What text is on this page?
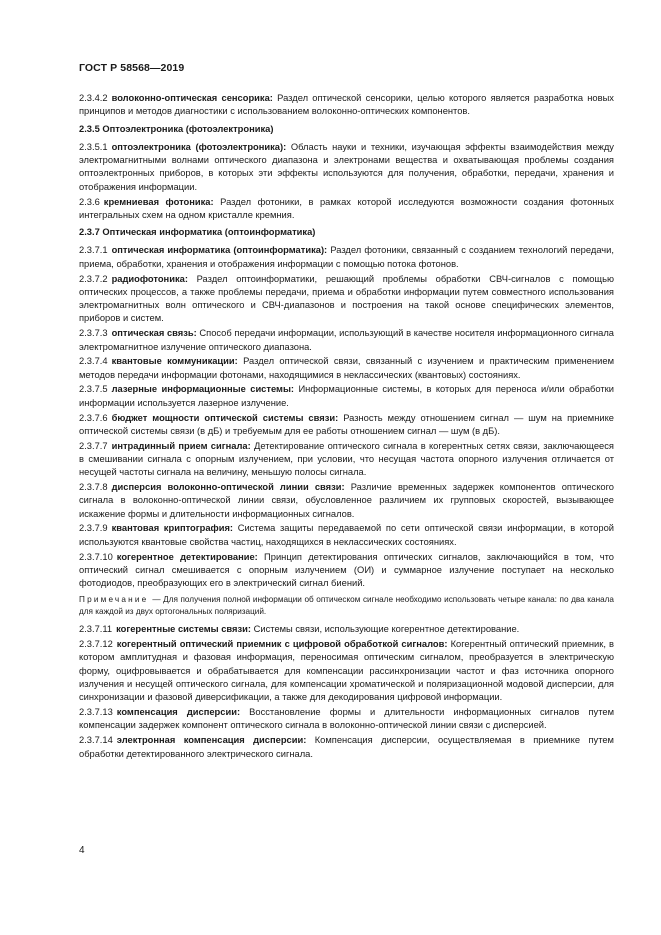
ГОСТ Р 58568—2019
2.3.4.2 волоконно-оптическая сенсорика: Раздел оптической сенсорики, целью которого является разработка новых принципов и методов диагностики с использованием волоконно-оптических компонентов.
2.3.5 Оптоэлектроника (фотоэлектроника)
2.3.5.1 оптоэлектроника (фотоэлектроника): Область науки и техники, изучающая эффекты взаимодействия между электромагнитными волнами оптического диапазона и электронами вещества и охватывающая проблемы создания оптоэлектронных приборов, в которых эти эффекты используются для получения, обработки, передачи, хранения и отображения информации.
2.3.6 кремниевая фотоника: Раздел фотоники, в рамках которой исследуются возможности создания фотонных интегральных схем на одном кристалле кремния.
2.3.7 Оптическая информатика (оптоинформатика)
2.3.7.1 оптическая информатика (оптоинформатика): Раздел фотоники, связанный с созданием технологий передачи, приема, обработки, хранения и отображения информации с помощью потока фотонов.
2.3.7.2 радиофотоника: Раздел оптоинформатики, решающий проблемы обработки СВЧ-сигналов с помощью оптических процессов, а также проблемы передачи, приема и обработки информации путем совместного использования электромагнитных волн оптического и СВЧ-диапазонов и построения на такой основе специфических элементов, приборов и систем.
2.3.7.3 оптическая связь: Способ передачи информации, использующий в качестве носителя информационного сигнала электромагнитное излучение оптического диапазона.
2.3.7.4 квантовые коммуникации: Раздел оптической связи, связанный с изучением и практическим применением методов передачи информации фотонами, находящимися в неклассических (квантовых) состояниях.
2.3.7.5 лазерные информационные системы: Информационные системы, в которых для переноса и/или обработки информации используется лазерное излучение.
2.3.7.6 бюджет мощности оптической системы связи: Разность между отношением сигнал — шум на приемнике оптической системы связи (в дБ) и требуемым для ее работы отношением сигнал — шум (в дБ).
2.3.7.7 интрадинный прием сигнала: Детектирование оптического сигнала в когерентных сетях связи, заключающееся в смешивании сигнала с опорным излучением, при условии, что несущая частота опорного излучения отличается от несущей частоты сигнала на величину, меньшую полосы сигнала.
2.3.7.8 дисперсия волоконно-оптической линии связи: Различие временных задержек компонентов оптического сигнала в волоконно-оптической линии связи, обусловленное различием их групповых скоростей, вызывающее искажение формы и длительности информационных сигналов.
2.3.7.9 квантовая криптография: Система защиты передаваемой по сети оптической связи информации, в которой используются квантовые свойства частиц, находящихся в неклассических состояниях.
2.3.7.10 когерентное детектирование: Принцип детектирования оптических сигналов, заключающийся в том, что оптический сигнал смешивается с опорным излучением (ОИ) и суммарное излучение поступает на несколько фотодиодов, преобразующих его в электрический сигнал биений.
Примечание — Для получения полной информации об оптическом сигнале необходимо использовать четыре канала: по два канала для каждой из двух ортогональных поляризаций.
2.3.7.11 когерентные системы связи: Системы связи, использующие когерентное детектирование.
2.3.7.12 когерентный оптический приемник с цифровой обработкой сигналов: Когерентный оптический приемник, в котором амплитудная и фазовая информация, переносимая оптическим сигналом, преобразуется в электрическую форму, оцифровывается и обрабатывается для компенсации рассинхронизации частот и фаз источника опорного излучения и несущей оптического сигнала, для компенсации хроматической и поляризационной модовой дисперсии, для синхронизации и фазовой диверсификации, а также для декодирования цифровой информации.
2.3.7.13 компенсация дисперсии: Восстановление формы и длительности информационных сигналов путем компенсации задержек компонент оптического сигнала в волоконно-оптической линии связи с дисперсией.
2.3.7.14 электронная компенсация дисперсии: Компенсация дисперсии, осуществляемая в приемнике путем обработки детектированного электрического сигнала.
4
